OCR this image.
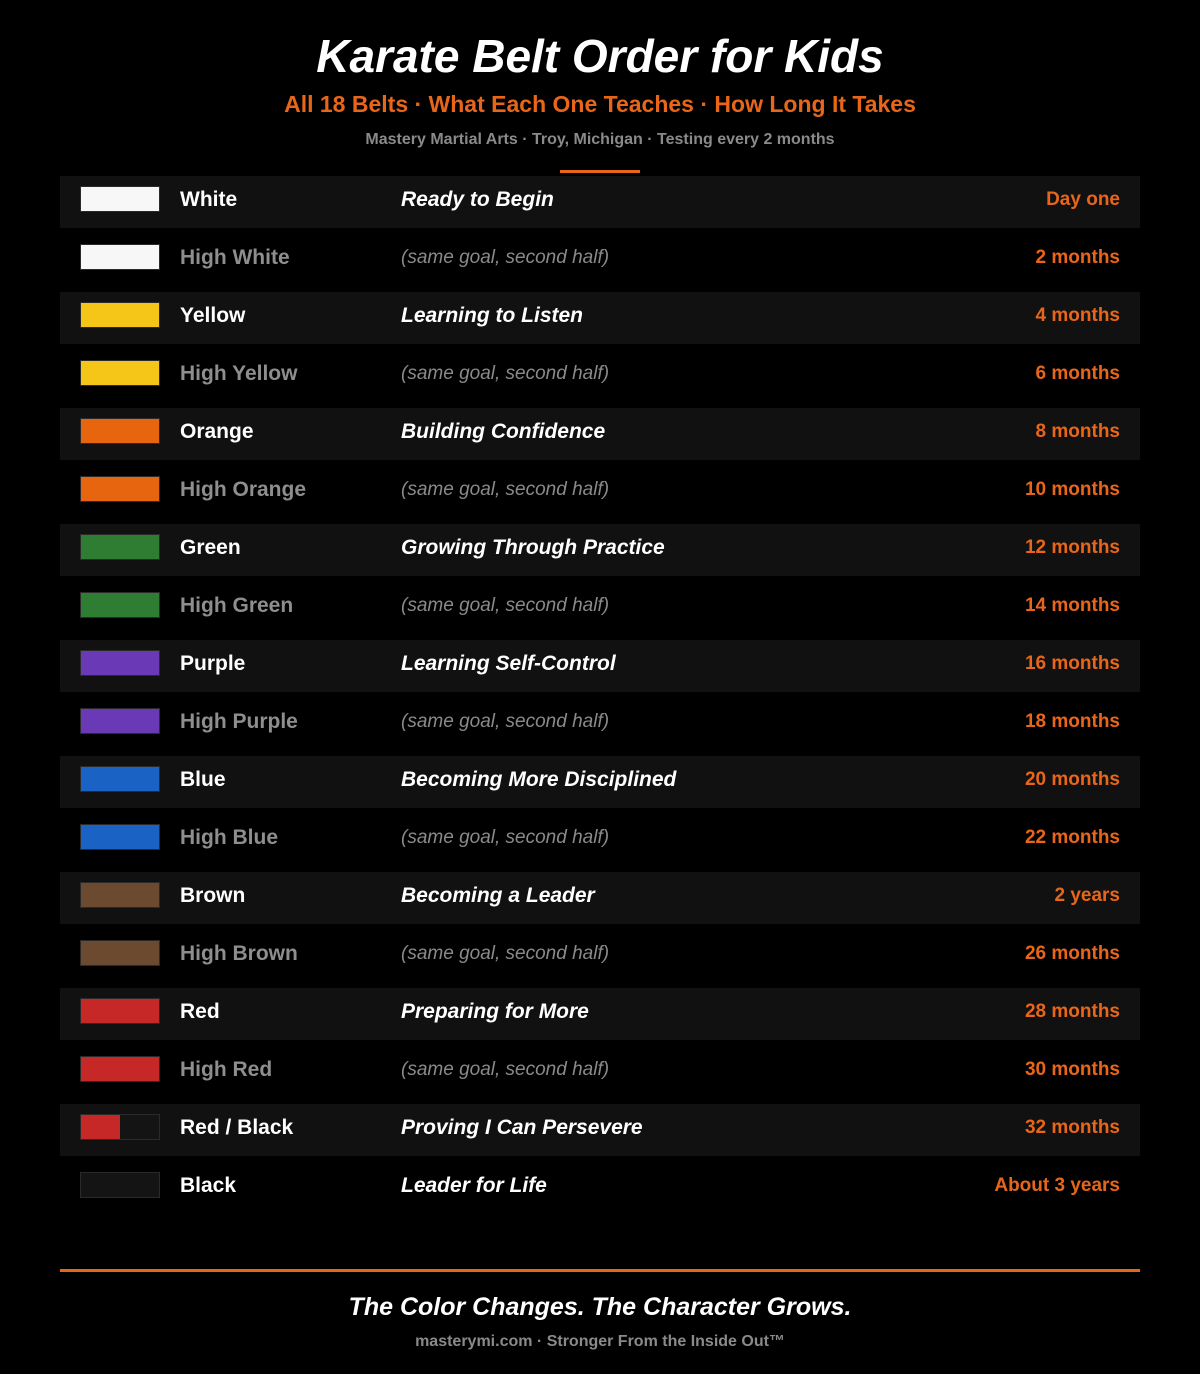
Karate Belt Order for Kids
All 18 Belts · What Each One Teaches · How Long It Takes
Mastery Martial Arts · Troy, Michigan · Testing every 2 months
White	Ready to Begin	Day one
High White	(same goal, second half)	2 months
Yellow	Learning to Listen	4 months
High Yellow	(same goal, second half)	6 months
Orange	Building Confidence	8 months
High Orange	(same goal, second half)	10 months
Green	Growing Through Practice	12 months
High Green	(same goal, second half)	14 months
Purple	Learning Self-Control	16 months
High Purple	(same goal, second half)	18 months
Blue	Becoming More Disciplined	20 months
High Blue	(same goal, second half)	22 months
Brown	Becoming a Leader	2 years
High Brown	(same goal, second half)	26 months
Red	Preparing for More	28 months
High Red	(same goal, second half)	30 months
Red / Black	Proving I Can Persevere	32 months
Black	Leader for Life	About 3 years
The Color Changes. The Character Grows.
masterymi.com · Stronger From the Inside Out™
